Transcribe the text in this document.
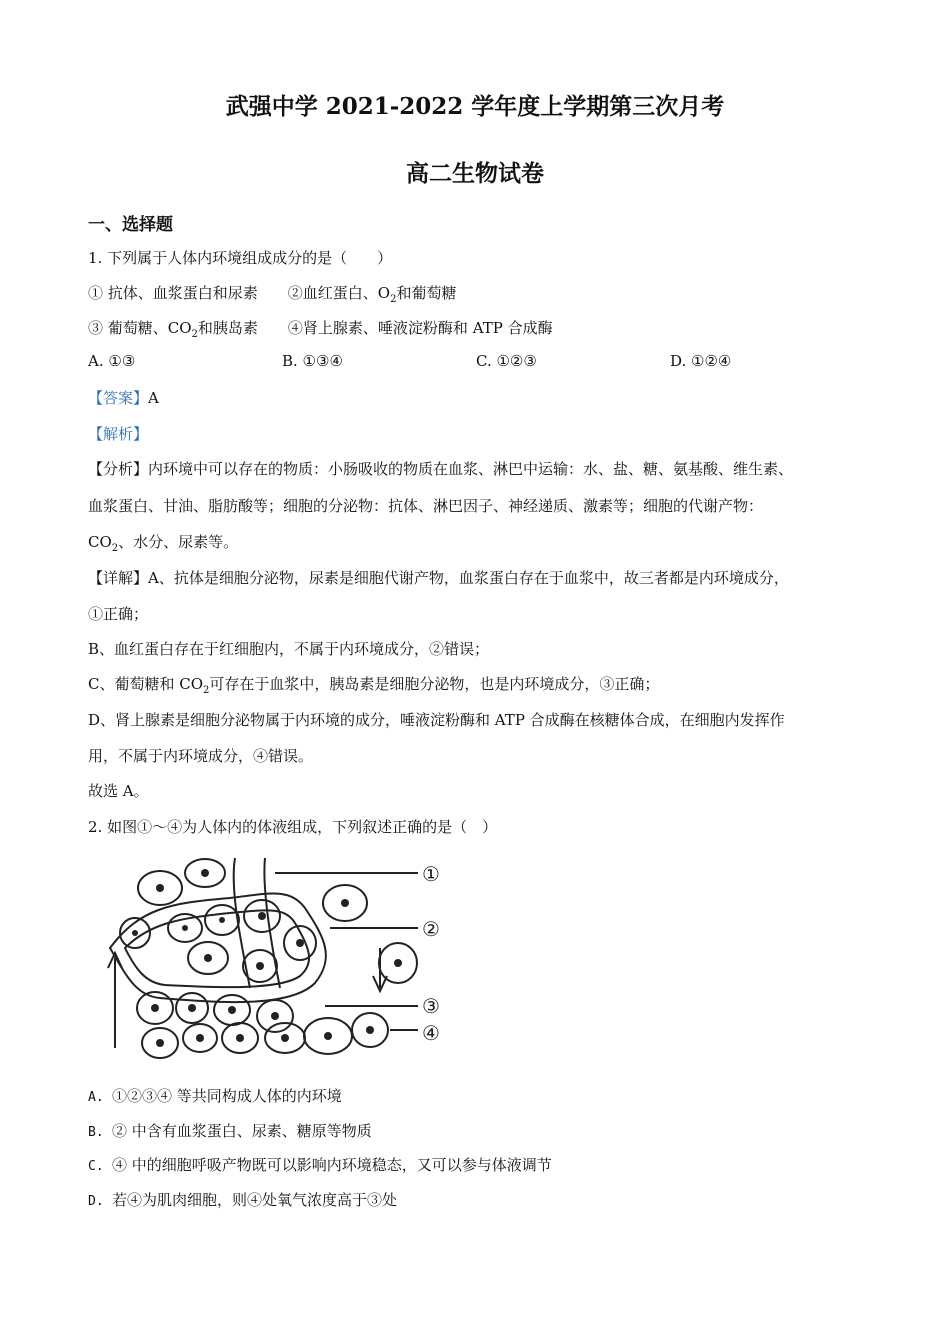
武强中学 2021-2022 学年度上学期第三次月考
高二生物试卷
一、选择题
1. 下列属于人体内环境组成成分的是（　　）
① 抗体、血浆蛋白和尿素　　②血红蛋白、$O_2$和葡萄糖
③ 葡萄糖、$CO_2$和胰岛素　　④肾上腺素、唾液淀粉酶和 ATP 合成酶
A. ①③	B. ①③④	C. ①②③	D. ①②④
【答案】A
【解析】
【分析】内环境中可以存在的物质：小肠吸收的物质在血浆、淋巴中运输：水、盐、糖、氨基酸、维生素、
血浆蛋白、甘油、脂肪酸等；细胞的分泌物：抗体、淋巴因子、神经递质、激素等；细胞的代谢产物：
$CO_2$、水分、尿素等。
【详解】A、抗体是细胞分泌物，尿素是细胞代谢产物，血浆蛋白存在于血浆中，故三者都是内环境成分，
①正确；
B、血红蛋白存在于红细胞内，不属于内环境成分，②错误；
C、葡萄糖和 $CO_2$可存在于血浆中，胰岛素是细胞分泌物，也是内环境成分，③正确；
D、肾上腺素是细胞分泌物属于内环境的成分，唾液淀粉酶和 ATP 合成酶在核糖体合成，在细胞内发挥作
用，不属于内环境成分，④错误。
故选 A。
2. 如图①～④为人体内的体液组成，下列叙述正确的是（　）
①
②
③
④
A. ①②③④ 等共同构成人体的内环境
B. ② 中含有血浆蛋白、尿素、糖原等物质
C. ④ 中的细胞呼吸产物既可以影响内环境稳态，又可以参与体液调节
D. 若④为肌肉细胞，则④处氧气浓度高于③处
